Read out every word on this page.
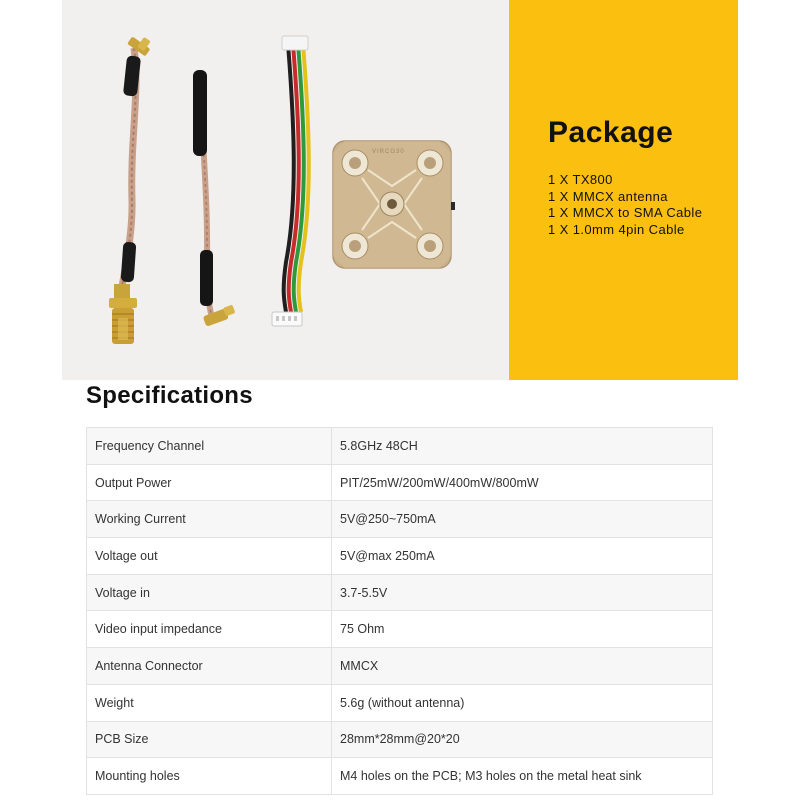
VIRCG30
Package
1 X TX800
1 X MMCX antenna
1 X MMCX to SMA Cable
1 X 1.0mm 4pin Cable
Specifications
Frequency Channel	5.8GHz 48CH
Output Power	PIT/25mW/200mW/400mW/800mW
Working Current	5V@250~750mA
Voltage out	5V@max 250mA
Voltage in	3.7-5.5V
Video input impedance	75 Ohm
Antenna Connector	MMCX
Weight	5.6g (without antenna)
PCB Size	28mm*28mm@20*20
Mounting holes	M4 holes on the PCB; M3 holes on the metal heat sink
